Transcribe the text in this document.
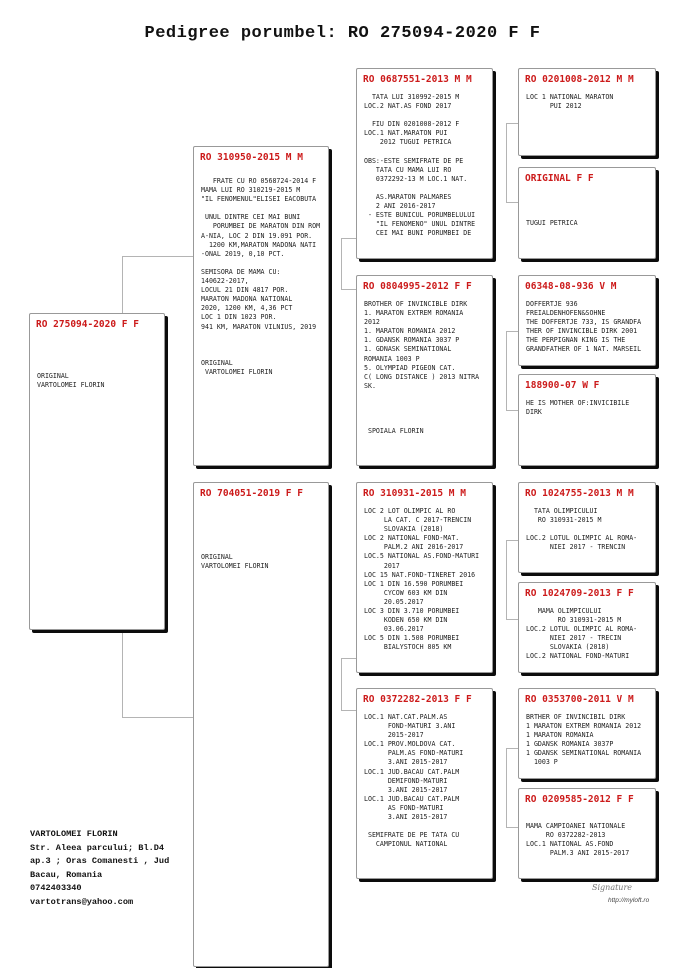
Pedigree porumbel: RO 275094-2020 F F
RO 275094-2020 F F
ORIGINAL
VARTOLOMEI FLORIN
RO 310950-2015 M M
FRATE CU RO 0568724-2014 F
MAMA LUI RO 310219-2015 M
"IL FENOMENUL"ELISEI EACOBUTA

UNUL DINTRE CEI MAI BUNI
PORUMBEI DE MARATON DIN ROM
A-NIA, LOC 2 DIN 19.091 POR.
1200 KM,MARATON MADONA NATI
-ONAL 2019, 0,10 PCT.

SEMISORA DE MAMA CU:
140622-2017,
LOCUL 21 DIN 4817 POR.
MARATON MADONA NATIONAL
2020, 1200 KM, 4,36 PCT
LOC 1 DIN 1023 POR.
941 KM, MARATON VILNIUS, 2019

ORIGINAL
VARTOLOMEI FLORIN
RO 704051-2019 F F
ORIGINAL
VARTOLOMEI FLORIN
RO 0687551-2013 M M
TATA LUI 310992-2015 M
LOC.2 NAT.AS FOND 2017

FIU DIN 0201008-2012 F
LOC.1 NAT.MARATON PUI
2012 TUGUI PETRICA

OBS:-ESTE SEMIFRATE DE PE
TATA CU MAMA LUI RO
0372292-13 M LOC.1 NAT.

AS.MARATON PALMARES
2 ANI 2016-2017
- ESTE BUNICUL PORUMBELULUI
"IL FENOMENO" UNUL DINTRE
CEI MAI BUNI PORUMBEI DE
RO 0804995-2012 F F
BROTHER OF INVINCIBLE DIRK
1. MARATON EXTREM ROMANIA
2012
1. MARATON ROMANIA 2012
1. GDANSK ROMANIA 3037 P
1. GDNASK SEMINATIONAL
ROMANIA 1003 P
5. OLYMPIAD PIGEON CAT.
C( LONG DISTANCE ) 2013 NITRA
SK.

SPOIALA FLORIN
RO 310931-2015 M M
LOC 2 LOT OLIMPIC AL RO
LA CAT. C 2017-TRENCIN
SLOVAKIA (2018)
LOC 2 NATIONAL FOND-MAT.
PALM.2 ANI 2016-2017
LOC.5 NATIONAL AS.FOND-MATURI
2017
LOC 15 NAT.FOND-TINERET 2016
LOC 1 DIN 16.590 PORUMBEI
CYCOW 603 KM DIN
20.05.2017
LOC 3 DIN 3.710 PORUMBEI
KODEN 650 KM DIN
03.06.2017
LOC 5 DIN 1.508 PORUMBEI
BIALYSTOCH 805 KM
RO 0372282-2013 F F
LOC.1 NAT.CAT.PALM.AS
FOND-MATURI 3.ANI
2015-2017
LOC.1 PROV.MOLDOVA CAT.
PALM.AS FOND-MATURI
3.ANI 2015-2017
LOC.1 JUD.BACAU CAT.PALM
DEMIFOND-MATURI
3.ANI 2015-2017
LOC.1 JUD.BACAU CAT.PALM
AS FOND-MATURI
3.ANI 2015-2017

SEMIFRATE DE PE TATA CU
CAMPIONUL NATIONAL
RO 0201008-2012 M M
LOC 1 NATIONAL MARATON
PUI 2012
ORIGINAL F F

TUGUI PETRICA
06348-08-936 V M
DOFFERTJE 936
FREIALDENHOFEN&SOHNE
THE DOFFERTJE 733, IS GRANDFA
THER OF INVINCIBLE DIRK 2001
THE PERPIGNAN KING IS THE
GRANDFATHER OF 1 NAT. MARSEIL
188900-07 W F
HE IS MOTHER OF:INVICIBILE
DIRK
RO 1024755-2013 M M
TATA OLIMPICULUI
RO 310931-2015 M

LOC.2 LOTUL OLIMPIC AL ROMA-
NIEI 2017 - TRENCIN
RO 1024709-2013 F F
MAMA OLIMPICULUI
RO 310931-2015 M
LOC.2 LOTUL OLIMPIC AL ROMA-
NIEI 2017 - TRECIN
SLOVAKIA (2018)
LOC.2 NATIONAL FOND-MATURI
RO 0353700-2011 V M
BRTHER OF INVINCIBIL DIRK
1 MARATON EXTREM ROMANIA 2012
1 MARATON ROMANIA
1 GDANSK ROMANIA 3037P
1 GDANSK SEMINATIONAL ROMANIA
1003 P
RO 0209585-2012 F F

MAMA CAMPIOANEI NATIONALE
RO 0372282-2013
LOC.1 NATIONAL AS.FOND
PALM.3 ANI 2015-2017
VARTOLOMEI FLORIN
Str. Aleea parcului; Bl.D4
ap.3 ; Oras Comanesti , Jud
Bacau, Romania
0742403340
vartotrans@yahoo.com
Signature
http://myloft.ro
